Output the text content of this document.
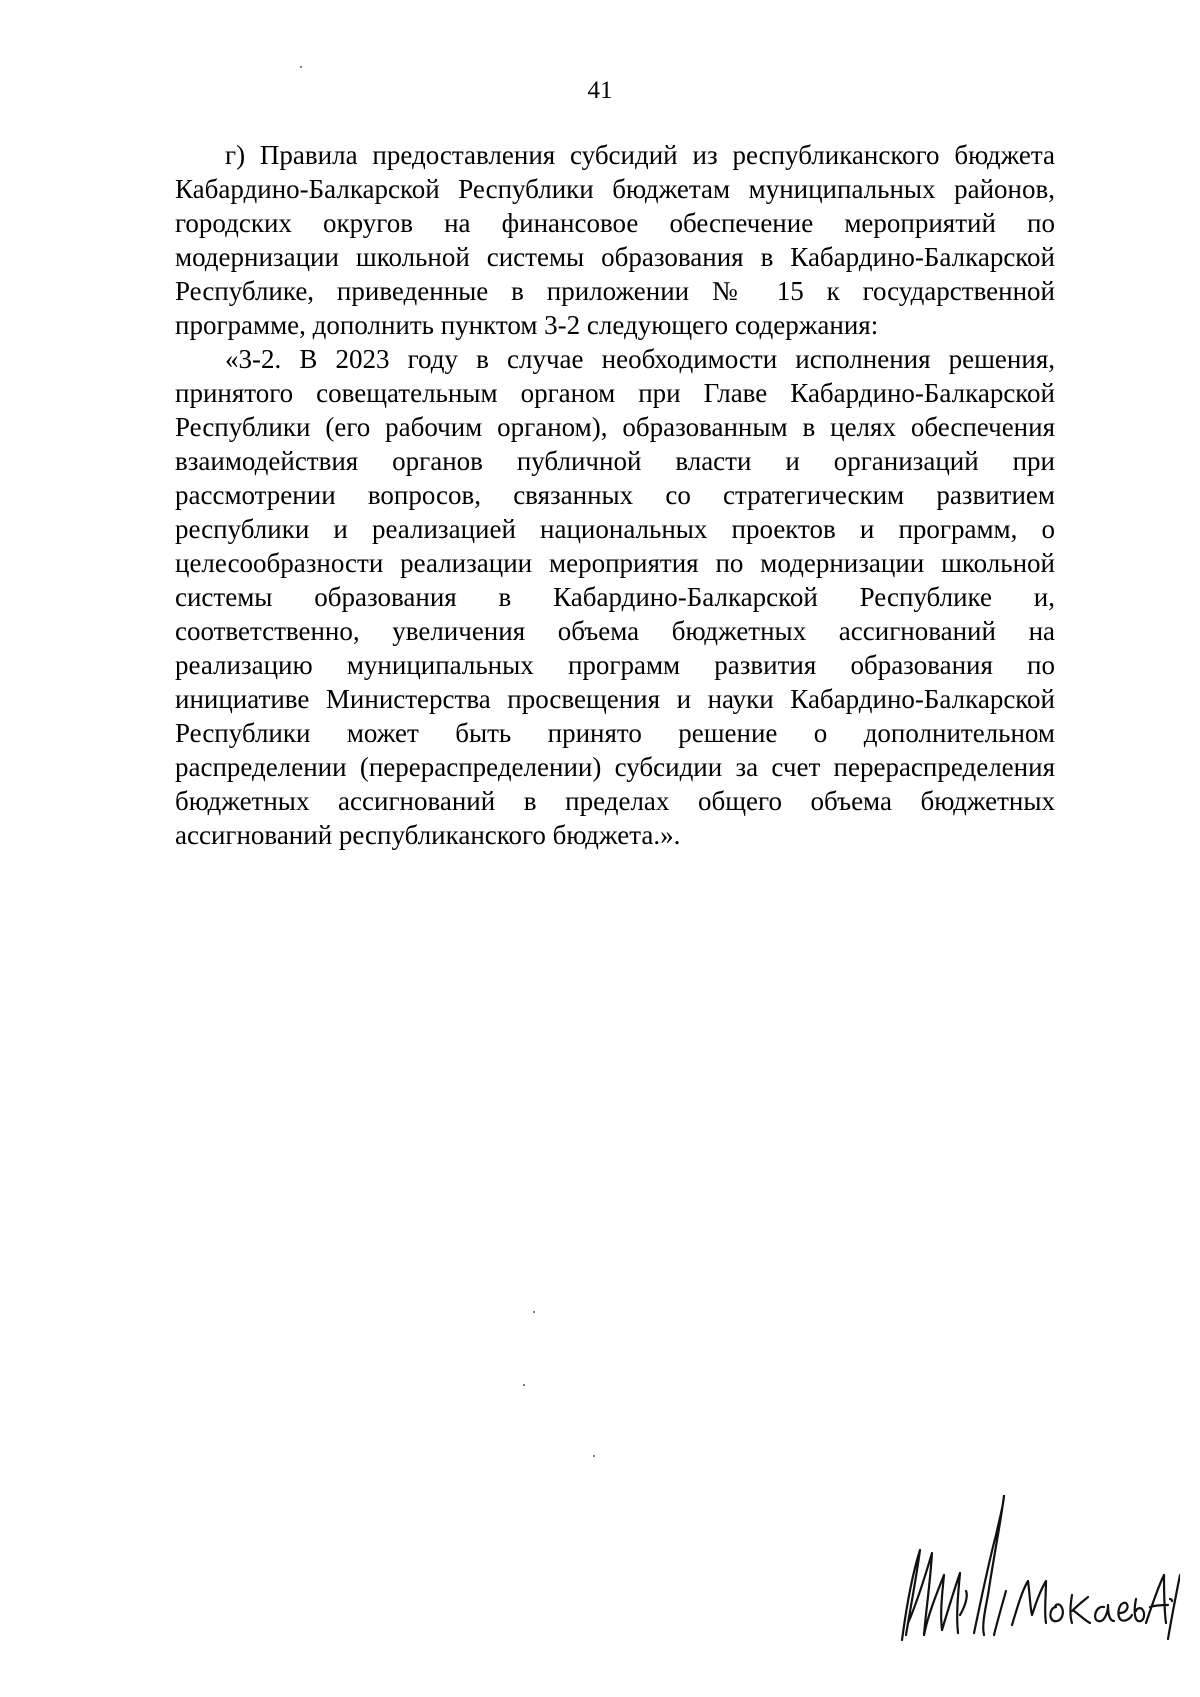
41

г) Правила предоставления субсидий из республиканского бюджета Кабардино-Балкарской Республики бюджетам муниципальных районов, городских округов на финансовое обеспечение мероприятий по модернизации школьной системы образования в Кабардино-Балкарской Республике, приведенные в приложении № 15 к государственной программе, дополнить пунктом 3-2 следующего содержания:

«3-2. В 2023 году в случае необходимости исполнения решения, принятого совещательным органом при Главе Кабардино-Балкарской Республики (его рабочим органом), образованным в целях обеспечения взаимодействия органов публичной власти и организаций при рассмотрении вопросов, связанных со стратегическим развитием республики и реализацией национальных проектов и программ, о целесообразности реализации мероприятия по модернизации школьной системы образования в Кабардино-Балкарской Республике и, соответственно, увеличения объема бюджетных ассигнований на реализацию муниципальных программ развития образования по инициативе Министерства просвещения и науки Кабардино-Балкарской Республики может быть принято решение о дополнительном распределении (перераспределении) субсидии за счет перераспределения бюджетных ассигнований в пределах общего объема бюджетных ассигнований республиканского бюджета.».
